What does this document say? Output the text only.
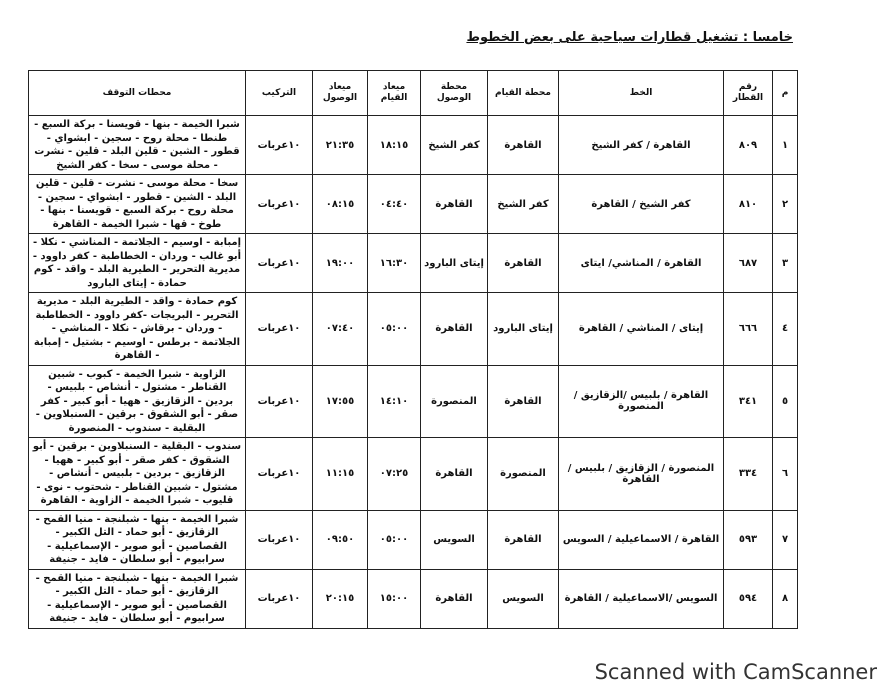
خامسا : تشغيل قطارات سياحية على بعض الخطوط
م	رقم القطار	الخط	محطة القيام	محطة الوصول	ميعاد القيام	ميعاد الوصول	التركيب	محطات التوقف
١	٨٠٩	القاهرة / كفر الشيخ	القاهرة	كفر الشيخ	١٨:١٥	٢١:٣٥	١٠عربات	شبرا الخيمة - بنها - قويسنا - بركة السبع - طنطا - محلة روح - سجين - ابشواي - قطور - الشين - قلين البلد - قلين - نشرت - محلة موسى - سخا - كفر الشيخ
٢	٨١٠	كفر الشيخ / القاهرة	كفر الشيخ	القاهرة	٠٤:٤٠	٠٨:١٥	١٠عربات	سخا - محلة موسى - نشرت - قلين - قلين البلد - الشين - قطور - ابشواي - سجين - محلة روح - بركة السبع - قويسنا - بنها - طوخ - قها - شبرا الخيمة - القاهرة
٣	٦٨٧	القاهرة / المناشي/ ايتاى	القاهرة	إيتاى البارود	١٦:٣٠	١٩:٠٠	١٠عربات	إمبابة - اوسيم - الجلاتمة - المناشي - نكلا - أبو غالب - وردان - الخطاطبة - كفر داوود - مديرية التحرير - الطيرية البلد - واقد - كوم حمادة - إيتاى البارود
٤	٦٦٦	إيتاى / المناشي / القاهرة	إيتاى البارود	القاهرة	٠٥:٠٠	٠٧:٤٠	١٠عربات	كوم حمادة - واقد - الطيرية البلد - مديرية التحرير - البريجات -كفر داوود - الخطاطبة - وردان - برقاش - نكلا - المناشي - الجلاتمة - برطس - اوسيم - بشتيل - إمبابة - القاهرة
٥	٣٤١	القاهرة / بلبيس /الزقازيق / المنصورة	القاهرة	المنصورة	١٤:١٠	١٧:٥٥	١٠عربات	الزاوية - شبرا الخيمة - كبوب - شبين القناطر - مشتول - أنشاص - بلبيس - بردين - الزقازيق - ههيا - أبو كبير - كفر صقر - أبو الشقوق - برقين - السنبلاوين - البقلية - سندوب - المنصورة
٦	٣٣٤	المنصورة / الزقازيق / بلبيس / القاهرة	المنصورة	القاهرة	٠٧:٢٥	١١:١٥	١٠عربات	سندوب - البقلية - السنبلاوين - برقين - أبو الشقوق - كفر صقر - أبو كبير - ههيا - الزقازيق - بردين - بلبيس - أنشاص - مشتول - شبين القناطر - شحتوب - نوى - قليوب - شبرا الخيمة - الزاوية - القاهرة
٧	٥٩٣	القاهرة / الاسماعيلية / السويس	القاهرة	السويس	٠٥:٠٠	٠٩:٥٠	١٠عربات	شبرا الخيمة - بنها - شبلنجة - منيا القمح - الزقازيق - أبو حماد - التل الكبير - القصاصين - أبو صوير - الإسماعيلية - سرابيوم - أبو سلطان - فايد - جنيفة
٨	٥٩٤	السويس /الاسماعيلية / القاهرة	السويس	القاهرة	١٥:٠٠	٢٠:١٥	١٠عربات	شبرا الخيمة - بنها - شبلنجة - منيا القمح - الزقازيق - أبو حماد - التل الكبير - القصاصين - أبو صوير - الإسماعيلية - سرابيوم - أبو سلطان - فايد - جنيفة
Scanned with CamScanner
